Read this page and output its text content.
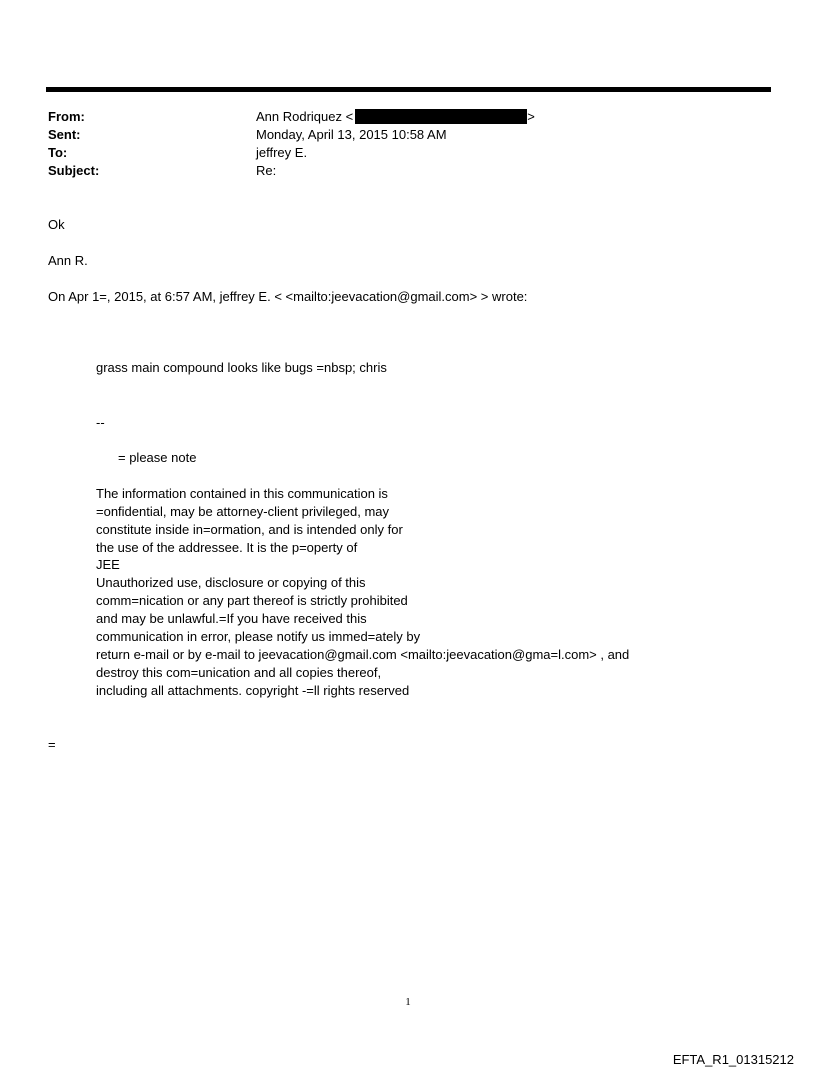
From:	Ann Rodriquez <	>
Sent:	Monday, April 13, 2015 10:58 AM
To:	jeffrey E.
Subject:	Re:
Ok
Ann R.
On Apr 1=, 2015, at 6:57 AM, jeffrey E. < <mailto:jeevacation@gmail.com> > wrote:
grass main compound looks like bugs =nbsp; chris
--
= please note
The information contained in this communication is
=onfidential, may be attorney-client privileged, may
constitute inside in=ormation, and is intended only for
the use of the addressee. It is the p=operty of
JEE
Unauthorized use, disclosure or copying of this
comm=nication or any part thereof is strictly prohibited
and may be unlawful.=If you have received this
communication in error, please notify us immed=ately by
return e-mail or by e-mail to jeevacation@gmail.com <mailto:jeevacation@gma=l.com> , and
destroy this com=unication and all copies thereof,
including all attachments. copyright -=ll rights reserved
=
1
EFTA_R1_01315212
